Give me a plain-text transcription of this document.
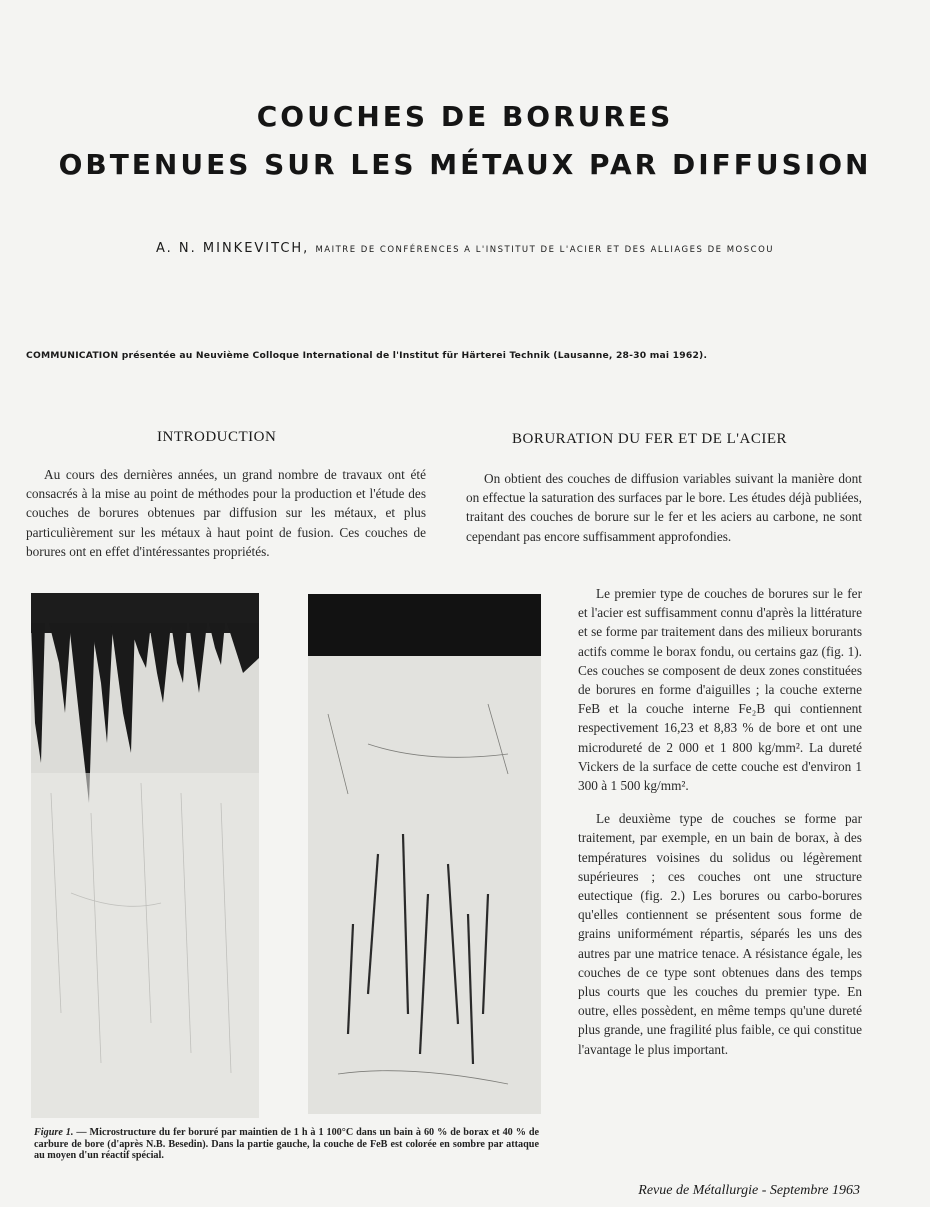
COUCHES DE BORURES
OBTENUES SUR LES MÉTAUX PAR DIFFUSION
A. N. MINKEVITCH, MAITRE DE CONFÉRENCES A L'INSTITUT DE L'ACIER ET DES ALLIAGES DE MOSCOU
COMMUNICATION présentée au Neuvième Colloque International de l'Institut für Härterei Technik (Lausanne, 28-30 mai 1962).
INTRODUCTION
Au cours des dernières années, un grand nombre de travaux ont été consacrés à la mise au point de méthodes pour la production et l'étude des couches de borures obtenues par diffusion sur les métaux, et plus particulièrement sur les métaux à haut point de fusion. Ces couches de borures ont en effet d'intéressantes propriétés.
BORURATION DU FER ET DE L'ACIER
On obtient des couches de diffusion variables suivant la manière dont on effectue la saturation des surfaces par le bore. Les études déjà publiées, traitant des couches de borure sur le fer et les aciers au carbone, ne sont cependant pas encore suffisamment approfondies.

Le premier type de couches de borures sur le fer et l'acier est suffisamment connu d'après la littérature et se forme par traitement dans des milieux borurants actifs comme le borax fondu, ou certains gaz (fig. 1). Ces couches se composent de deux zones constituées de borures en forme d'aiguilles ; la couche externe FeB et la couche interne Fe₂B qui contiennent respectivement 16,23 et 8,83 % de bore et ont une microdureté de 2 000 et 1 800 kg/mm². La dureté Vickers de la surface de cette couche est d'environ 1 300 à 1 500 kg/mm².

Le deuxième type de couches se forme par traitement, par exemple, en un bain de borax, à des températures voisines du solidus ou légèrement supérieures ; ces couches ont une structure eutectique (fig. 2.) Les borures ou carbo-borures qu'elles contiennent se présentent sous forme de grains uniformément répartis, séparés les uns des autres par une matrice tenace. A résistance égale, les couches de ce type sont obtenues dans des temps plus courts que les couches du premier type. En outre, elles possèdent, en même temps qu'une dureté plus grande, une fragilité plus faible, ce qui constitue l'avantage le plus important.

Figure 1. — Microstructure du fer boruré par maintien de 1 h à 1 100°C dans un bain à 60 % de borax et 40 % de carbure de bore (d'après N.B. Besedin). Dans la partie gauche, la couche de FeB est colorée en sombre par attaque au moyen d'un réactif spécial.
Revue de Métallurgie - Septembre 1963
